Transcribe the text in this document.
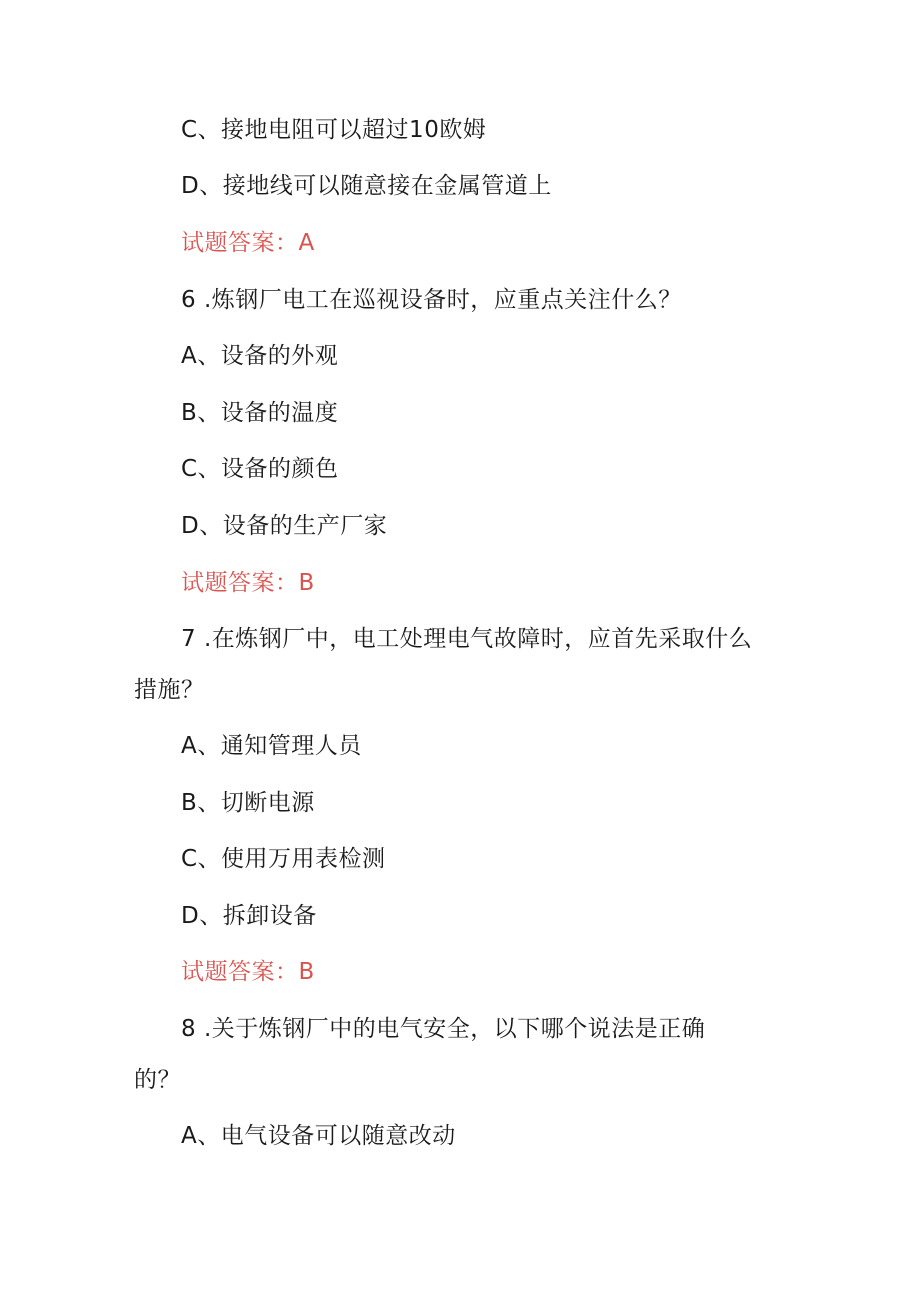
C、接地电阻可以超过10欧姆
D、接地线可以随意接在金属管道上
试题答案：A
6 .炼钢厂电工在巡视设备时，应重点关注什么？
A、设备的外观
B、设备的温度
C、设备的颜色
D、设备的生产厂家
试题答案：B
7 .在炼钢厂中，电工处理电气故障时，应首先采取什么
措施？
A、通知管理人员
B、切断电源
C、使用万用表检测
D、拆卸设备
试题答案：B
8 .关于炼钢厂中的电气安全，以下哪个说法是正确
的？
A、电气设备可以随意改动
